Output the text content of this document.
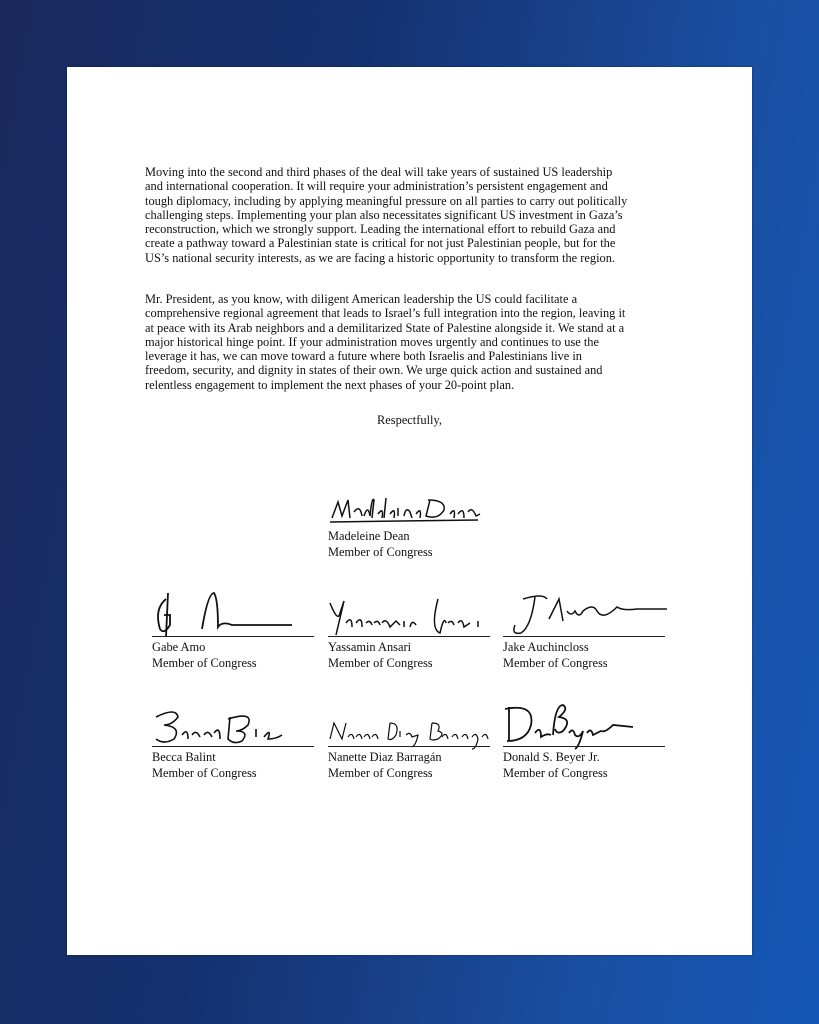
Moving into the second and third phases of the deal will take years of sustained US leadership
and international cooperation. It will require your administration’s persistent engagement and
tough diplomacy, including by applying meaningful pressure on all parties to carry out politically
challenging steps. Implementing your plan also necessitates significant US investment in Gaza’s
reconstruction, which we strongly support. Leading the international effort to rebuild Gaza and
create a pathway toward a Palestinian state is critical for not just Palestinian people, but for the
US’s national security interests, as we are facing a historic opportunity to transform the region.
Mr. President, as you know, with diligent American leadership the US could facilitate a
comprehensive regional agreement that leads to Israel’s full integration into the region, leaving it
at peace with its Arab neighbors and a demilitarized State of Palestine alongside it. We stand at a
major historical hinge point. If your administration moves urgently and continues to use the
leverage it has, we can move toward a future where both Israelis and Palestinians live in
freedom, security, and dignity in states of their own. We urge quick action and sustained and
relentless engagement to implement the next phases of your 20-point plan.
Respectfully,
Madeleine Dean
Member of Congress
Gabe Amo
Member of Congress
Yassamin Ansari
Member of Congress
Jake Auchincloss
Member of Congress
Becca Balint
Member of Congress
Nanette Diaz Barragán
Member of Congress
Donald S. Beyer Jr.
Member of Congress
